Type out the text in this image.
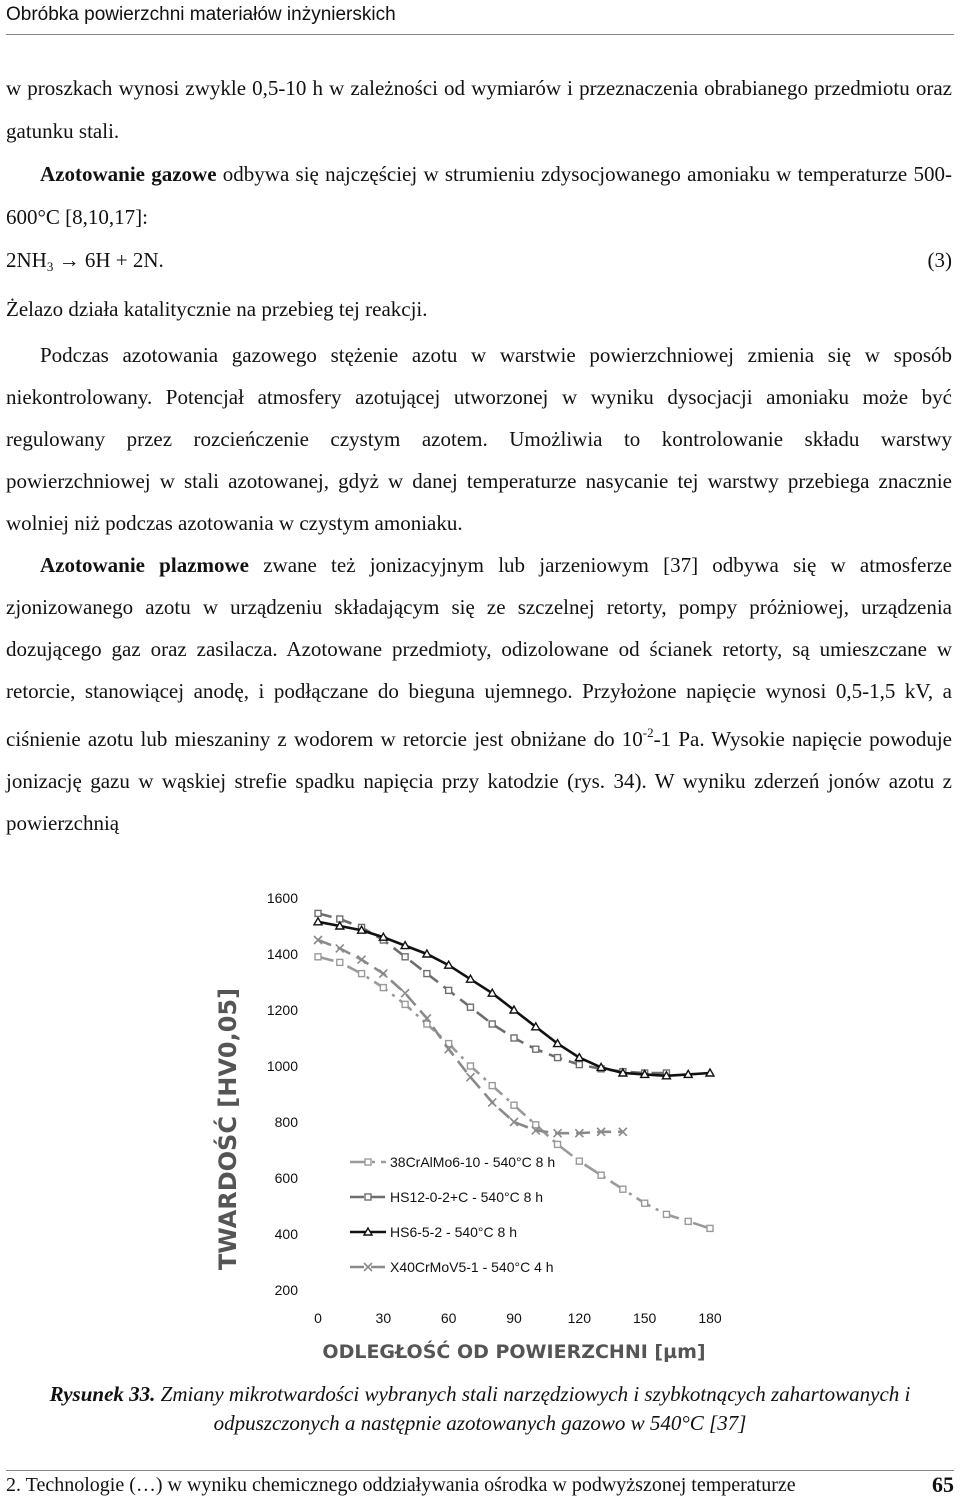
Obróbka powierzchni materiałów inżynierskich

w proszkach wynosi zwykle 0,5-10 h w zależności od wymiarów i przeznaczenia obrabianego przedmiotu oraz gatunku stali.

Azotowanie gazowe odbywa się najczęściej w strumieniu zdysocjowanego amoniaku w temperaturze 500-600°C [8,10,17]:

$2NH_3 \to 6H + 2N$.	(3)

Żelazo działa katalitycznie na przebieg tej reakcji.

Podczas azotowania gazowego stężenie azotu w warstwie powierzchniowej zmienia się w sposób niekontrolowany. Potencjał atmosfery azotującej utworzonej w wyniku dysocjacji amoniaku może być regulowany przez rozcieńczenie czystym azotem. Umożliwia to kontrolowanie składu warstwy powierzchniowej w stali azotowanej, gdyż w danej temperaturze nasycanie tej warstwy przebiega znacznie wolniej niż podczas azotowania w czystym amoniaku.

Azotowanie plazmowe zwane też jonizacyjnym lub jarzeniowym [37] odbywa się w atmosferze zjonizowanego azotu w urządzeniu składającym się ze szczelnej retorty, pompy próżniowej, urządzenia dozującego gaz oraz zasilacza. Azotowane przedmioty, odizolowane od ścianek retorty, są umieszczane w retorcie, stanowiącej anodę, i podłączane do bieguna ujemnego. Przyłożone napięcie wynosi 0,5-1,5 kV, a ciśnienie azotu lub mieszaniny z wodorem w retorcie jest obniżane do $10^{-2}-1$ Pa. Wysokie napięcie powoduje jonizację gazu w wąskiej strefie spadku napięcia przy katodzie (rys. 34). W wyniku zderzeń jonów azotu z powierzchnią

1600
1400
1200
1000
800
600
400
200
0	30	60	90	120	150	180
ODLEGŁOŚĆ OD POWIERZCHNI [µm]
TWARDOŚĆ [HV0,05]	38CrAlMo6-10 - 540°C 8 h
HS12-0-2+C - 540°C 8 h
HS6-5-2 - 540°C 8 h
X40CrMoV5-1 - 540°C 4 h
Rysunek 33. Zmiany mikrotwardości wybranych stali narzędziowych i szybkotnących zahartowanych i odpuszczonych a następnie azotowanych gazowo w 540°C [37]
2. Technologie (…) w wyniku chemicznego oddziaływania ośrodka w podwyższonej temperaturze	65
